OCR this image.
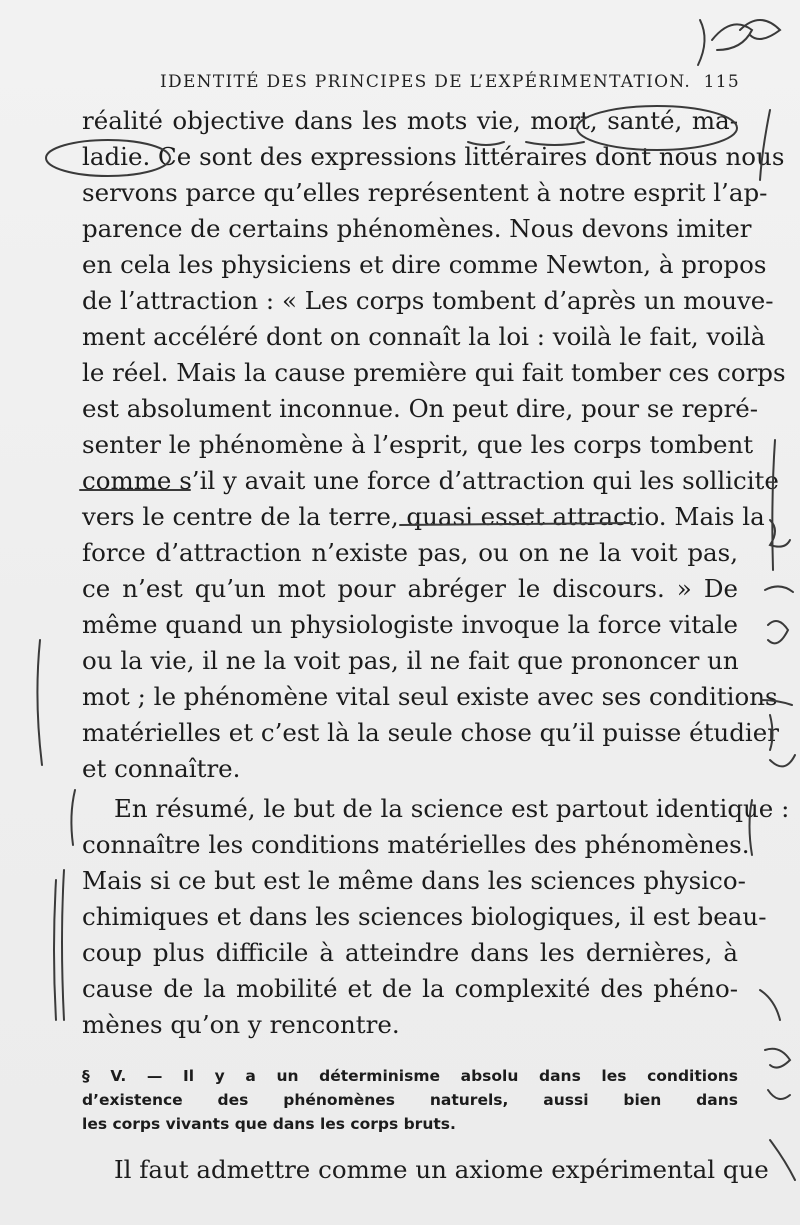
IDENTITÉ DES PRINCIPES DE L’EXPÉRIMENTATION. 115
réalité objective dans les mots vie, mort, santé, ma-
ladie. Ce sont des expressions littéraires dont nous nous
servons parce qu’elles représentent à notre esprit l’ap-
parence de certains phénomènes. Nous devons imiter
en cela les physiciens et dire comme Newton, à propos
de l’attraction : « Les corps tombent d’après un mouve-
ment accéléré dont on connaît la loi : voilà le fait, voilà
le réel. Mais la cause première qui fait tomber ces corps
est absolument inconnue. On peut dire, pour se repré-
senter le phénomène à l’esprit, que les corps tombent
comme s’il y avait une force d’attraction qui les sollicite
vers le centre de la terre, quasi esset attractio. Mais la
force d’attraction n’existe pas, ou on ne la voit pas,
ce n’est qu’un mot pour abréger le discours. » De
même quand un physiologiste invoque la force vitale
ou la vie, il ne la voit pas, il ne fait que prononcer un
mot ; le phénomène vital seul existe avec ses conditions
matérielles et c’est là la seule chose qu’il puisse étudier
et connaître.
En résumé, le but de la science est partout identique :
connaître les conditions matérielles des phénomènes.
Mais si ce but est le même dans les sciences physico-
chimiques et dans les sciences biologiques, il est beau-
coup plus difficile à atteindre dans les dernières, à
cause de la mobilité et de la complexité des phéno-
mènes qu’on y rencontre.
§ V. — Il y a un déterminisme absolu dans les conditions
d’existence des phénomènes naturels, aussi bien dans
les corps vivants que dans les corps bruts.
Il faut admettre comme un axiome expérimental que
